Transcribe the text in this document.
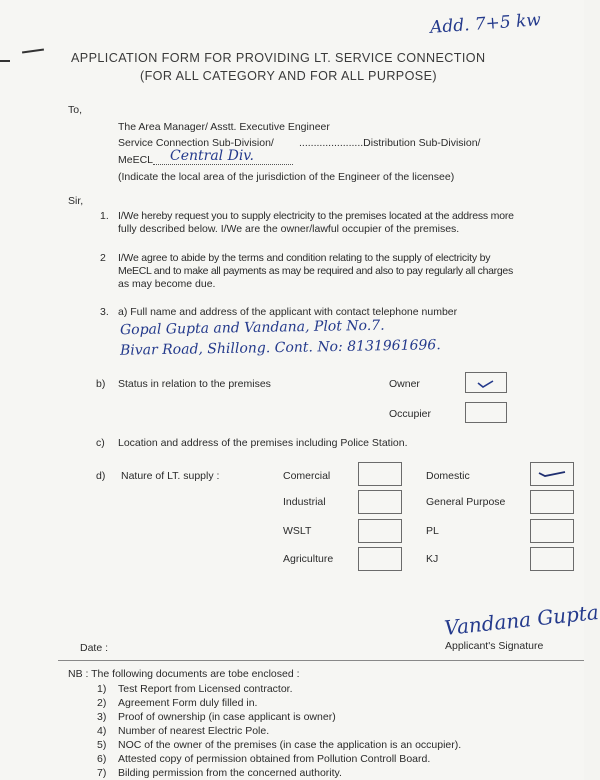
Add. 7+5 kw
APPLICATION FORM FOR PROVIDING LT. SERVICE CONNECTION
(FOR ALL CATEGORY AND FOR ALL PURPOSE)
To,
The Area Manager/ Asstt. Executive Engineer
Service Connection Sub-Division/ ......................Distribution Sub-Division/
MeECL Central Div.
(Indicate the local area of the jurisdiction of the Engineer of the licensee)
Sir,
1. I/We hereby request you to supply electricity to the premises located at the address more
fully described below. I/We are the owner/lawful occupier of the premises.
2 I/We agree to abide by the terms and condition relating to the supply of electricity by
MeECL and to make all payments as may be required and also to pay regularly all charges
as may become due.
3. a) Full name and address of the applicant with contact telephone number
Gopal Gupta and Vandana, Plot No.7.
Bivar Road, Shillong. Cont. No: 8131961696.
b) Status in relation to the premises	Owner
Occupier
c) Location and address of the premises including Police Station.
d) Nature of LT. supply :	Comercial	Domestic
Industrial	General Purpose
WSLT	PL
Agriculture	KJ
Vandana Gupta
Applicant's Signature
Date :
NB : The following documents are tobe enclosed :
1) Test Report from Licensed contractor.
2) Agreement Form duly filled in.
3) Proof of ownership (in case applicant is owner)
4) Number of nearest Electric Pole.
5) NOC of the owner of the premises (in case the application is an occupier).
6) Attested copy of permission obtained from Pollution Controll Board.
7) Bilding permission from the concerned authority.
